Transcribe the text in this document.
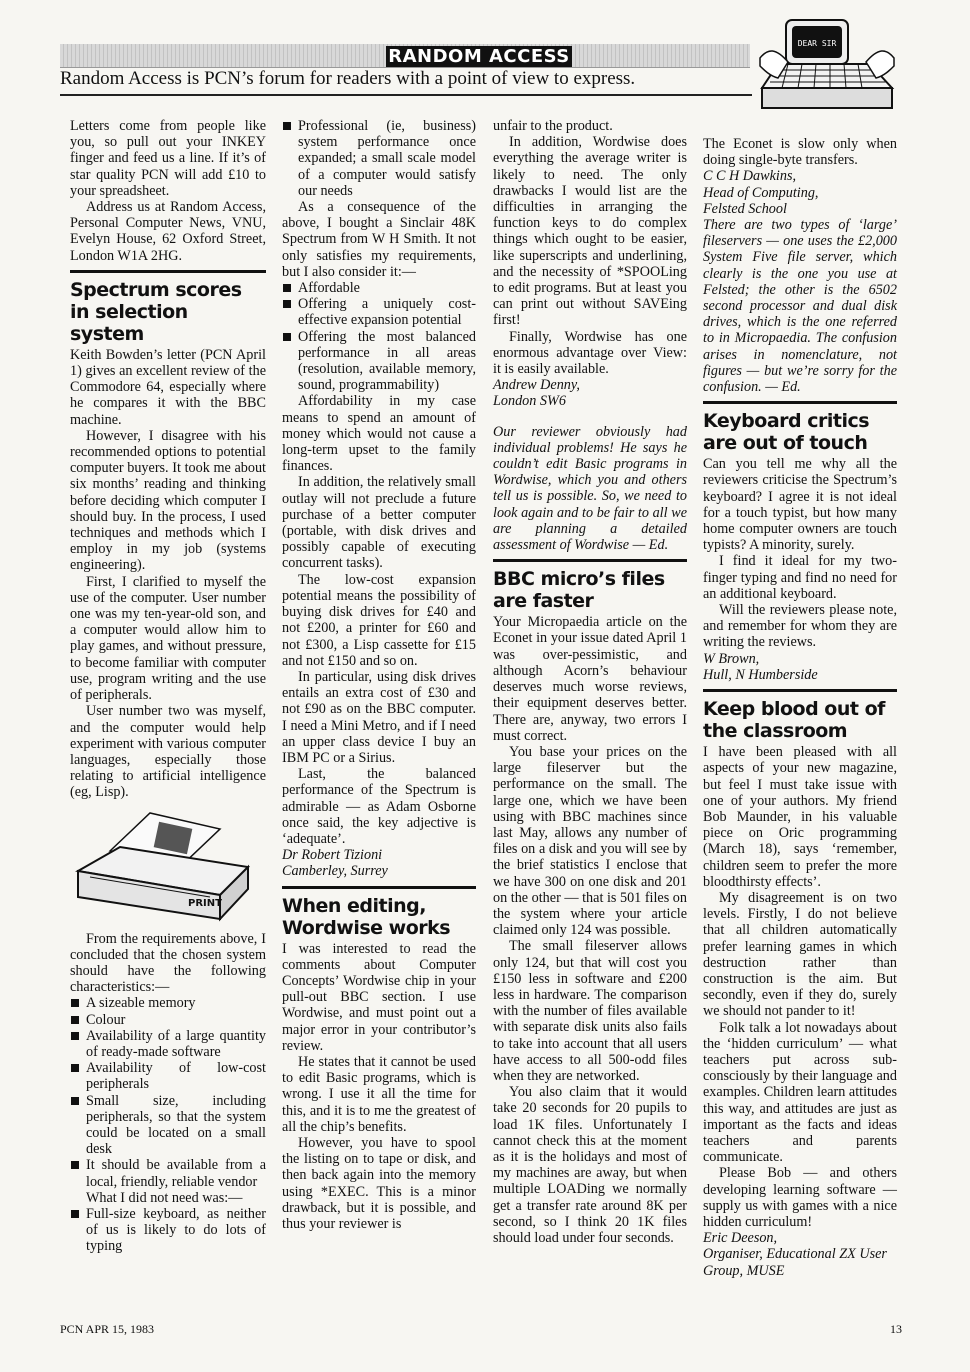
RANDOM ACCESS
Random Access is PCN’s forum for readers with a point of view to express.
DEAR SIR

Letters come from people like you, so pull out your INKEY finger and feed us a line. If it’s of star quality PCN will add £10 to your spreadsheet.

Address us at Random Access, Personal Computer News, VNU, Evelyn House, 62 Oxford Street, London W1A 2HG.

Spectrum scores in selection system

Keith Bowden’s letter (PCN April 1) gives an excellent review of the Commodore 64, especially where he compares it with the BBC machine.

However, I disagree with his recommended options to potential computer buyers. It took me about six months’ reading and thinking before deciding which computer I should buy. In the process, I used techniques and methods which I employ in my job (systems engineering).

First, I clarified to myself the use of the computer. User number one was my ten-year-old son, and a computer would allow him to play games, and without pressure, to become familiar with computer use, program writing and the use of peripherals.

User number two was myself, and the computer would help experiment with various computer languages, especially those relating to artificial intelligence (eg, Lisp).

PRINT

From the requirements above, I concluded that the chosen system should have the following characteristics:—

A sizeable memory
Colour
Availability of a large quantity of ready-made software
Availability of low-cost peripherals
Small size, including peripherals, so that the system could be located on a small desk
It should be available from a local, friendly, reliable vendor

What I did not need was:—

Full-size keyboard, as neither of us is likely to do lots of typing
Professional (ie, business) system performance once expanded; a small scale model of a computer would satisfy our needs

As a consequence of the above, I bought a Sinclair 48K Spectrum from W H Smith. It not only satisfies my requirements, but I also consider it:—

Affordable
Offering a uniquely cost-effective expansion potential
Offering the most balanced performance in all areas (resolution, available memory, sound, programmability)

Affordability in my case means to spend an amount of money which would not cause a long-term upset to the family finances.

In addition, the relatively small outlay will not preclude a future purchase of a better computer (portable, with disk drives and possibly capable of executing concurrent tasks).

The low-cost expansion potential means the possibility of buying disk drives for £40 and not £200, a printer for £60 and not £300, a Lisp cassette for £15 and not £150 and so on.

In particular, using disk drives entails an extra cost of £30 and not £90 as on the BBC computer. I need a Mini Metro, and if I need an upper class device I buy an IBM PC or a Sirius.

Last, the balanced performance of the Spectrum is admirable — as Adam Osborne once said, the key adjective is ‘adequate’.

Dr Robert Tizioni

Camberley, Surrey

When editing, Wordwise works

I was interested to read the comments about Computer Concepts’ Wordwise chip in your pull-out BBC section. I use Wordwise, and must point out a major error in your contributor’s review.

He states that it cannot be used to edit Basic programs, which is wrong. I use it all the time for this, and it is to me the greatest of all the chip’s benefits.

However, you have to spool the listing on to tape or disk, and then back again into the memory using *EXEC. This is a minor drawback, but it is possible, and thus your reviewer is

unfair to the product.

In addition, Wordwise does everything the average writer is likely to need. The only drawbacks I would list are the difficulties in arranging the function keys to do complex things which ought to be easier, like superscripts and underlining, and the necessity of *SPOOLing to edit programs. But at least you can print out without SAVEing first!

Finally, Wordwise has one enormous advantage over View: it is easily available.

Andrew Denny,

London SW6

Our reviewer obviously had individual problems! He says he couldn’t edit Basic programs in Wordwise, which you and others tell us is possible. So, we need to look again and to be fair to all we are planning a detailed assessment of Wordwise — Ed.

BBC micro’s files are faster

Your Micropaedia article on the Econet in your issue dated April 1 was over-pessimistic, and although Acorn’s behaviour deserves much worse reviews, their equipment deserves better. There are, anyway, two errors I must correct.

You base your prices on the large fileserver but the performance on the small. The large one, which we have been using with BBC machines since last May, allows any number of files on a disk and you will see by the brief statistics I enclose that we have 300 on one disk and 201 on the other — that is 501 files on the system where your article claimed only 124 was possible.

The small fileserver allows only 124, but that will cost you £150 less in software and £200 less in hardware. The comparison with the number of files available with separate disk units also fails to take into account that all users have access to all 500-odd files when they are networked.

You also claim that it would take 20 seconds for 20 pupils to load 1K files. Unfortunately I cannot check this at the moment as it is the holidays and most of my machines are away, but when multiple LOADing we normally get a transfer rate around 8K per second, so I think 20 1K files should load under four seconds.

The Econet is slow only when doing single-byte transfers.

C C H Dawkins,

Head of Computing,

Felsted School

There are two types of ‘large’ fileservers — one uses the £2,000 System Five file server, which clearly is the one you use at Felsted; the other is the 6502 second processor and dual disk drives, which is the one referred to in Micropaedia. The confusion arises in nomenclature, not figures — but we’re sorry for the confusion. — Ed.

Keyboard critics are out of touch

Can you tell me why all the reviewers criticise the Spectrum’s keyboard? I agree it is not ideal for a touch typist, but how many home computer owners are touch typists? A minority, surely.

I find it ideal for my two-finger typing and find no need for an additional keyboard.

Will the reviewers please note, and remember for whom they are writing the reviews.

W Brown,

Hull, N Humberside

Keep blood out of the classroom

I have been pleased with all aspects of your new magazine, but feel I must take issue with one of your authors. My friend Bob Maunder, in his valuable piece on Oric programming (March 18), says ‘remember, children seem to prefer the more bloodthirsty effects’.

My disagreement is on two levels. Firstly, I do not believe that all children automatically prefer learning games in which destruction rather than construction is the aim. But secondly, even if they do, surely we should not pander to it!

Folk talk a lot nowadays about the ‘hidden curriculum’ — what teachers put across sub-consciously by their language and examples. Children learn attitudes this way, and attitudes are just as important as the facts and ideas teachers and parents communicate.

Please Bob — and others developing learning software — supply us with games with a nice hidden curriculum!

Eric Deeson,

Organiser, Educational ZX User Group, MUSE

PCN APR 15, 1983	13
